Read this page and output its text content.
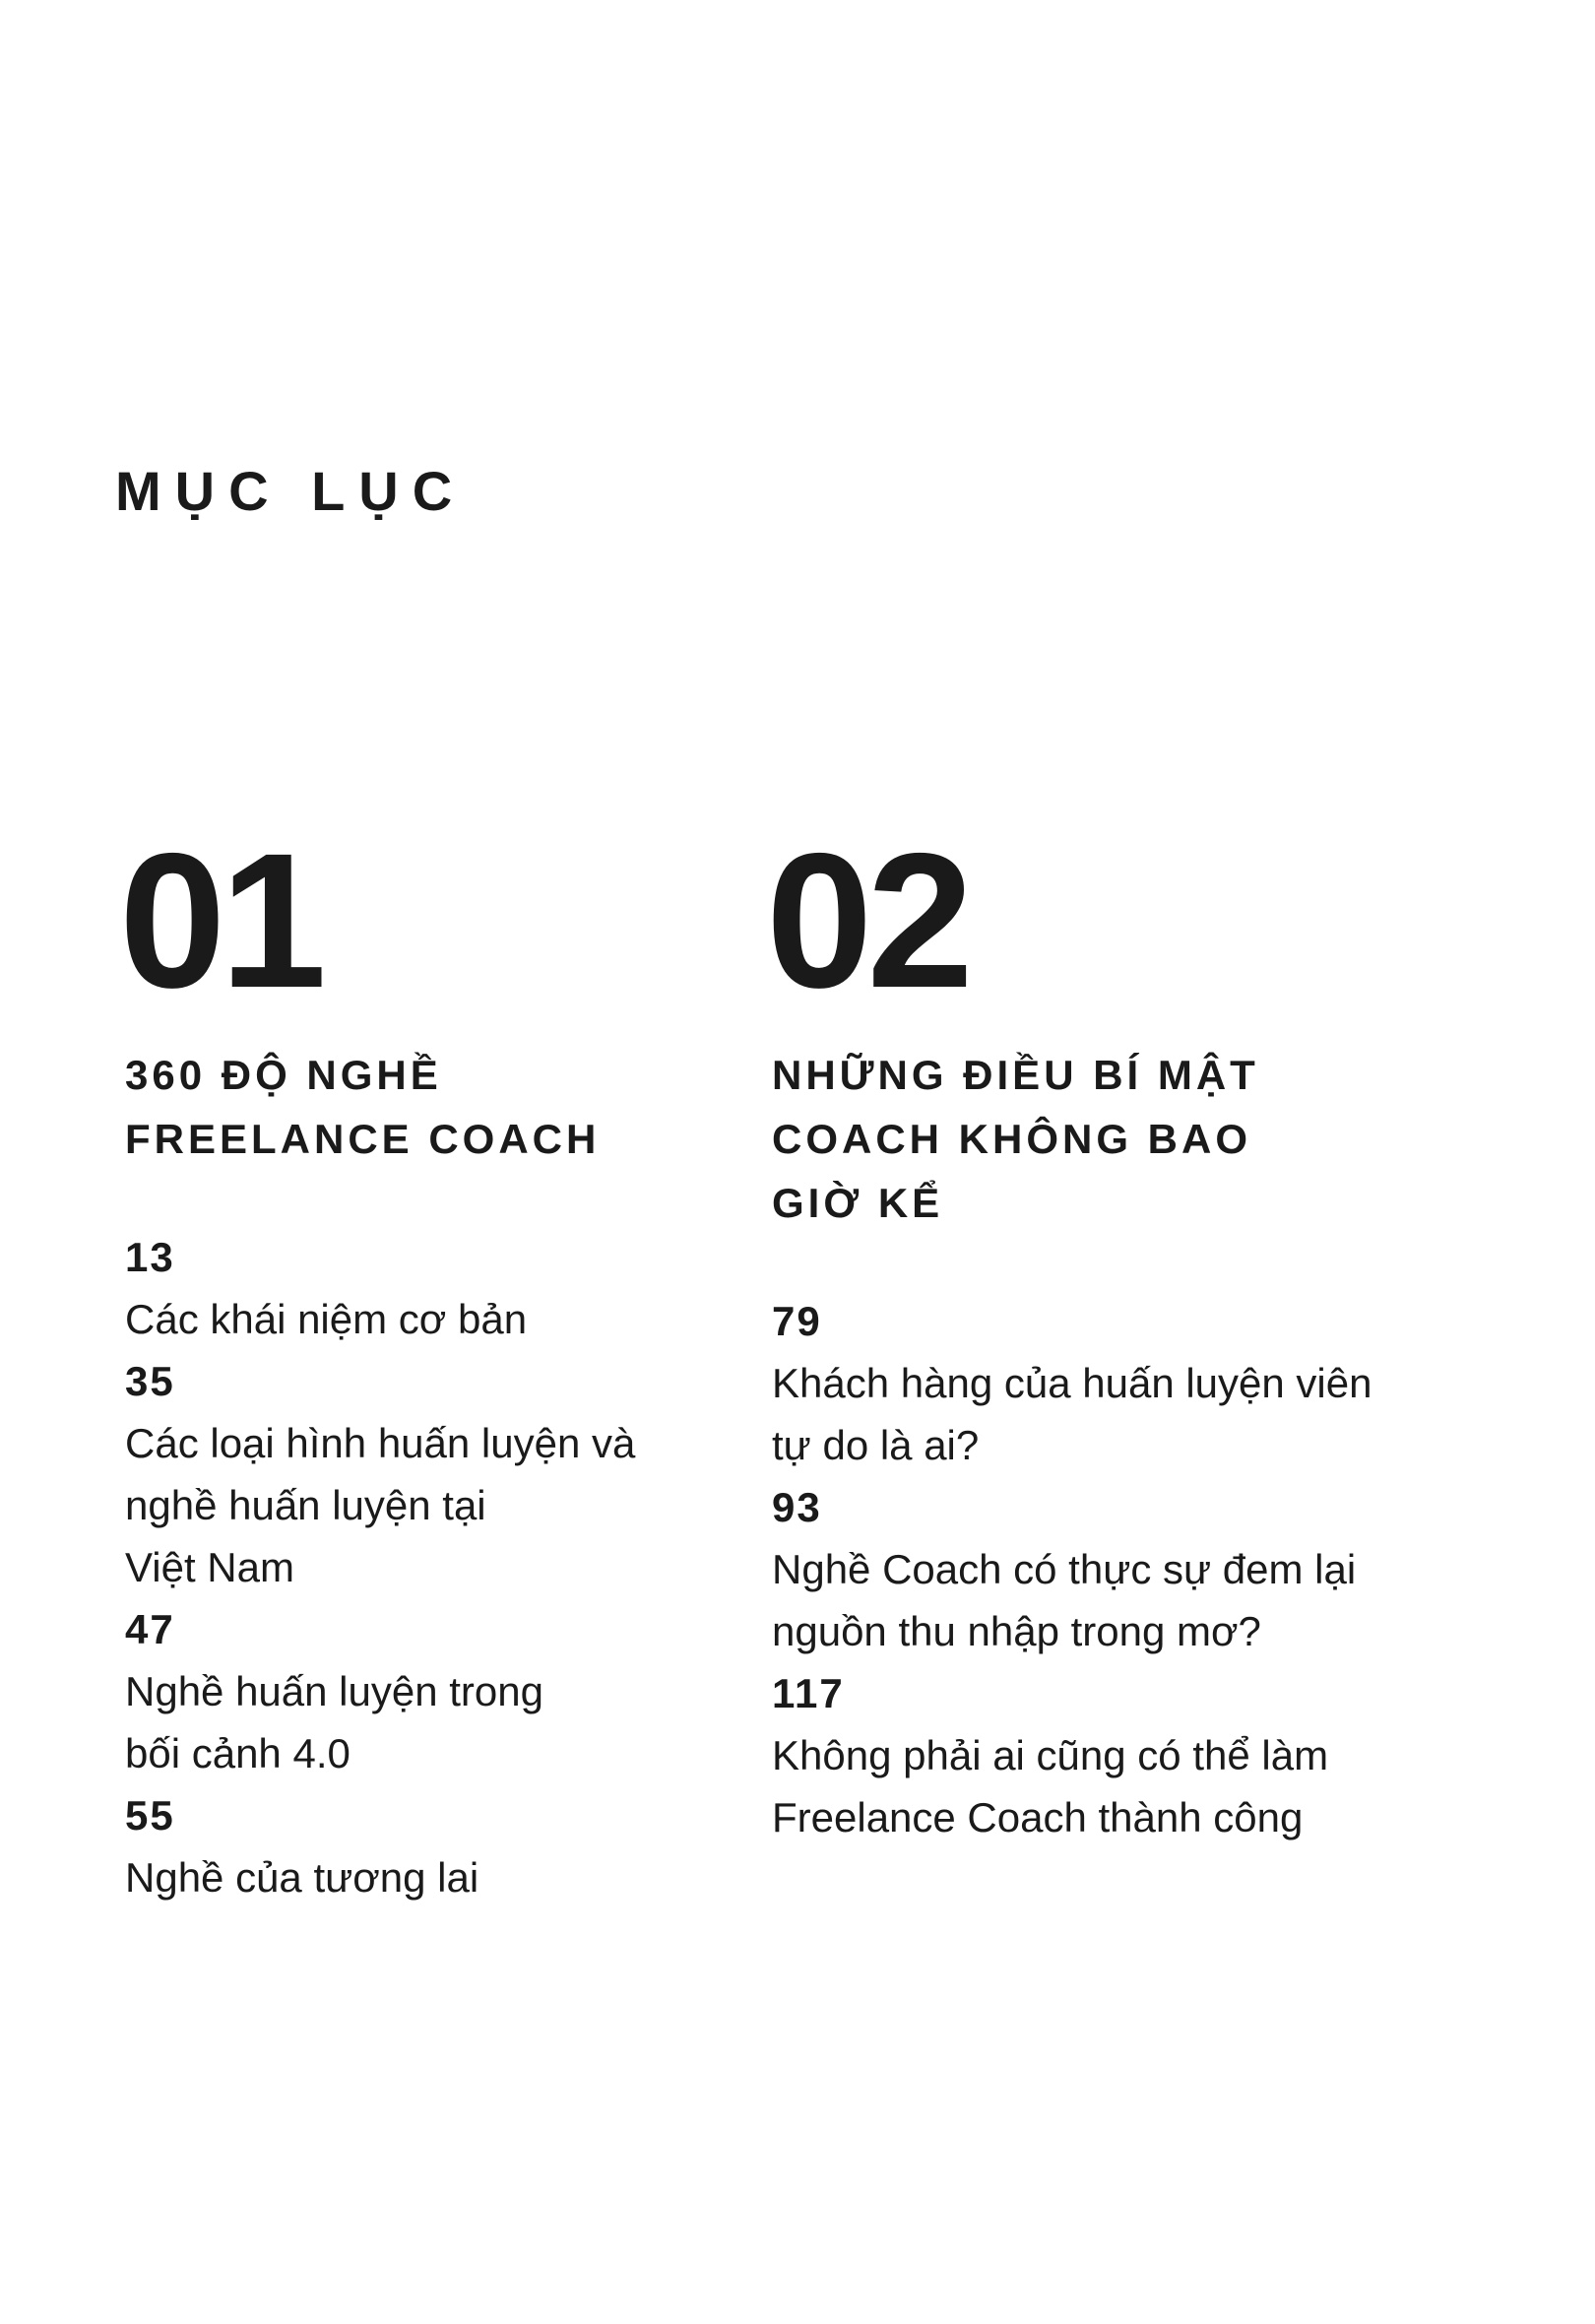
MỤC LỤC
01
360 ĐỘ NGHỀ
FREELANCE COACH
13
Các khái niệm cơ bản
35
Các loại hình huấn luyện và
nghề huấn luyện tại
Việt Nam
47
Nghề huấn luyện trong
bối cảnh 4.0
55
Nghề của tương lai
02
NHỮNG ĐIỀU BÍ MẬT
COACH KHÔNG BAO
GIỜ KỂ
79
Khách hàng của huấn luyện viên
tự do là ai?
93
Nghề Coach có thực sự đem lại
nguồn thu nhập trong mơ?
117
Không phải ai cũng có thể làm
Freelance Coach thành công
